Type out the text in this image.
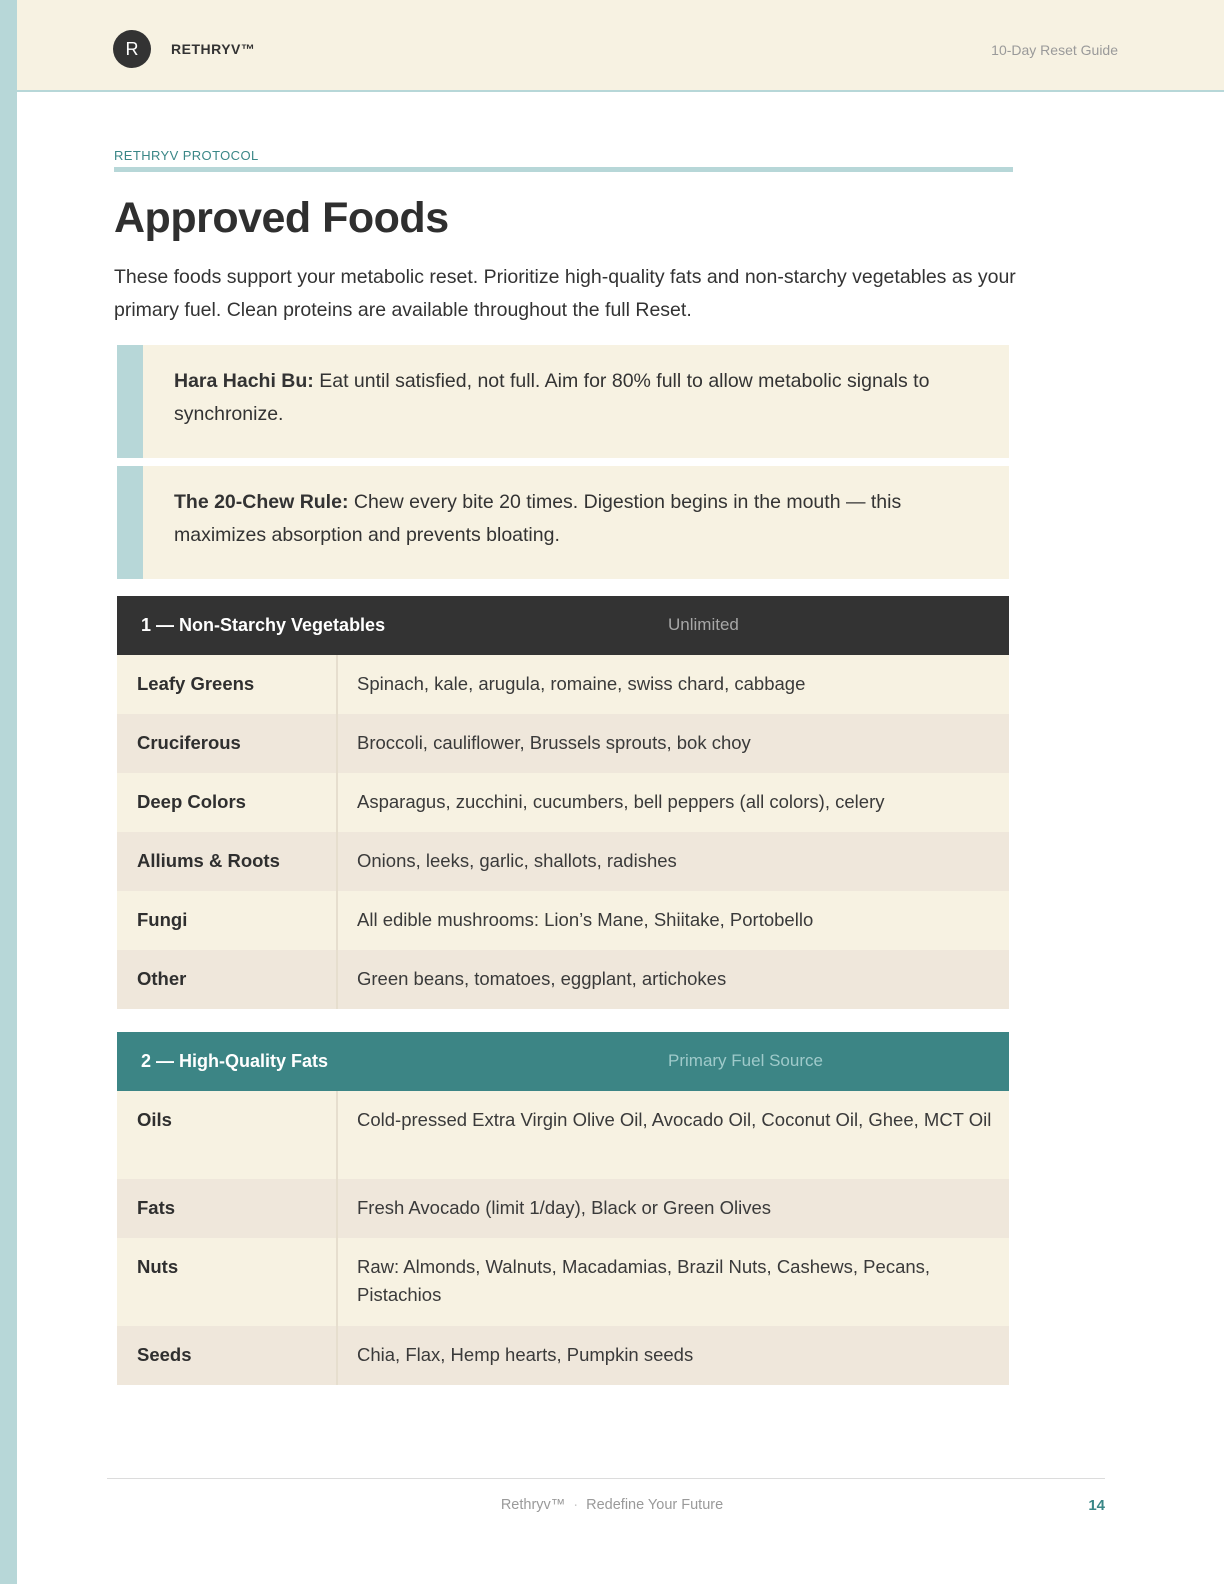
R	RETHRYV™	10-Day Reset Guide
RETHRYV PROTOCOL
Approved Foods

These foods support your metabolic reset. Prioritize high-quality fats and non-starchy vegetables as your primary fuel. Clean proteins are available throughout the full Reset.

Hara Hachi Bu: Eat until satisfied, not full. Aim for 80% full to allow metabolic signals to synchronize.

The 20-Chew Rule: Chew every bite 20 times. Digestion begins in the mouth — this maximizes absorption and prevents bloating.

1 — Non-Starchy Vegetables	Unlimited
Leafy Greens	Spinach, kale, arugula, romaine, swiss chard, cabbage
Cruciferous	Broccoli, cauliflower, Brussels sprouts, bok choy
Deep Colors	Asparagus, zucchini, cucumbers, bell peppers (all colors), celery
Alliums & Roots	Onions, leeks, garlic, shallots, radishes
Fungi	All edible mushrooms: Lion’s Mane, Shiitake, Portobello
Other	Green beans, tomatoes, eggplant, artichokes
2 — High-Quality Fats	Primary Fuel Source
Oils	Cold-pressed Extra Virgin Olive Oil, Avocado Oil, Coconut Oil, Ghee, MCT Oil
Fats	Fresh Avocado (limit 1/day), Black or Green Olives
Nuts	Raw: Almonds, Walnuts, Macadamias, Brazil Nuts, Cashews, Pecans, Pistachios
Seeds	Chia, Flax, Hemp hearts, Pumpkin seeds
Rethryv™ · Redefine Your Future	14
